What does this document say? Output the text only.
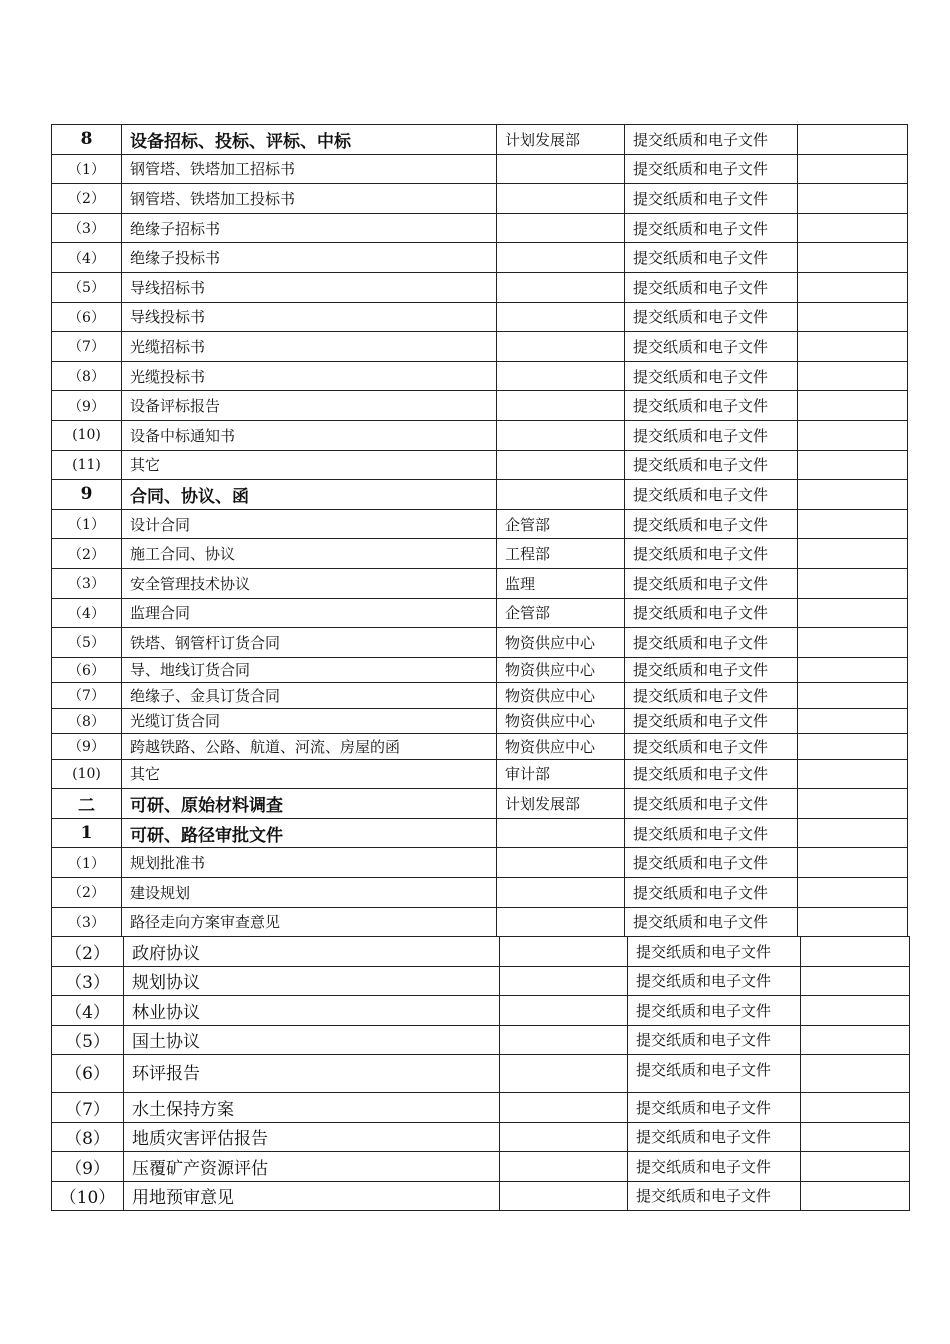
8	设备招标、投标、评标、中标	计划发展部	提交纸质和电子文件	
（1）	钢管塔、铁塔加工招标书		提交纸质和电子文件	
（2）	钢管塔、铁塔加工投标书		提交纸质和电子文件	
（3）	绝缘子招标书		提交纸质和电子文件	
（4）	绝缘子投标书		提交纸质和电子文件	
（5）	导线招标书		提交纸质和电子文件	
（6）	导线投标书		提交纸质和电子文件	
（7）	光缆招标书		提交纸质和电子文件	
（8）	光缆投标书		提交纸质和电子文件	
（9）	设备评标报告		提交纸质和电子文件	
(10)	设备中标通知书		提交纸质和电子文件	
(11)	其它		提交纸质和电子文件	
9	合同、协议、函		提交纸质和电子文件	
（1）	设计合同	企管部	提交纸质和电子文件	
（2）	施工合同、协议	工程部	提交纸质和电子文件	
（3）	安全管理技术协议	监理	提交纸质和电子文件	
（4）	监理合同	企管部	提交纸质和电子文件	
（5）	铁塔、钢管杆订货合同	物资供应中心	提交纸质和电子文件	
（6）	导、地线订货合同	物资供应中心	提交纸质和电子文件	
（7）	绝缘子、金具订货合同	物资供应中心	提交纸质和电子文件	
（8）	光缆订货合同	物资供应中心	提交纸质和电子文件	
（9）	跨越铁路、公路、航道、河流、房屋的函	物资供应中心	提交纸质和电子文件	
(10)	其它	审计部	提交纸质和电子文件	
二	可研、原始材料调查	计划发展部	提交纸质和电子文件	
1	可研、路径审批文件		提交纸质和电子文件	
（1）	规划批准书		提交纸质和电子文件	
（2）	建设规划		提交纸质和电子文件	
（3）	路径走向方案审查意见		提交纸质和电子文件	
（2）	政府协议		提交纸质和电子文件	
（3）	规划协议		提交纸质和电子文件	
（4）	林业协议		提交纸质和电子文件	
（5）	国土协议		提交纸质和电子文件	
（6）	环评报告		提交纸质和电子文件	
（7）	水土保持方案		提交纸质和电子文件	
（8）	地质灾害评估报告		提交纸质和电子文件	
（9）	压覆矿产资源评估		提交纸质和电子文件	
（10）	用地预审意见		提交纸质和电子文件	
